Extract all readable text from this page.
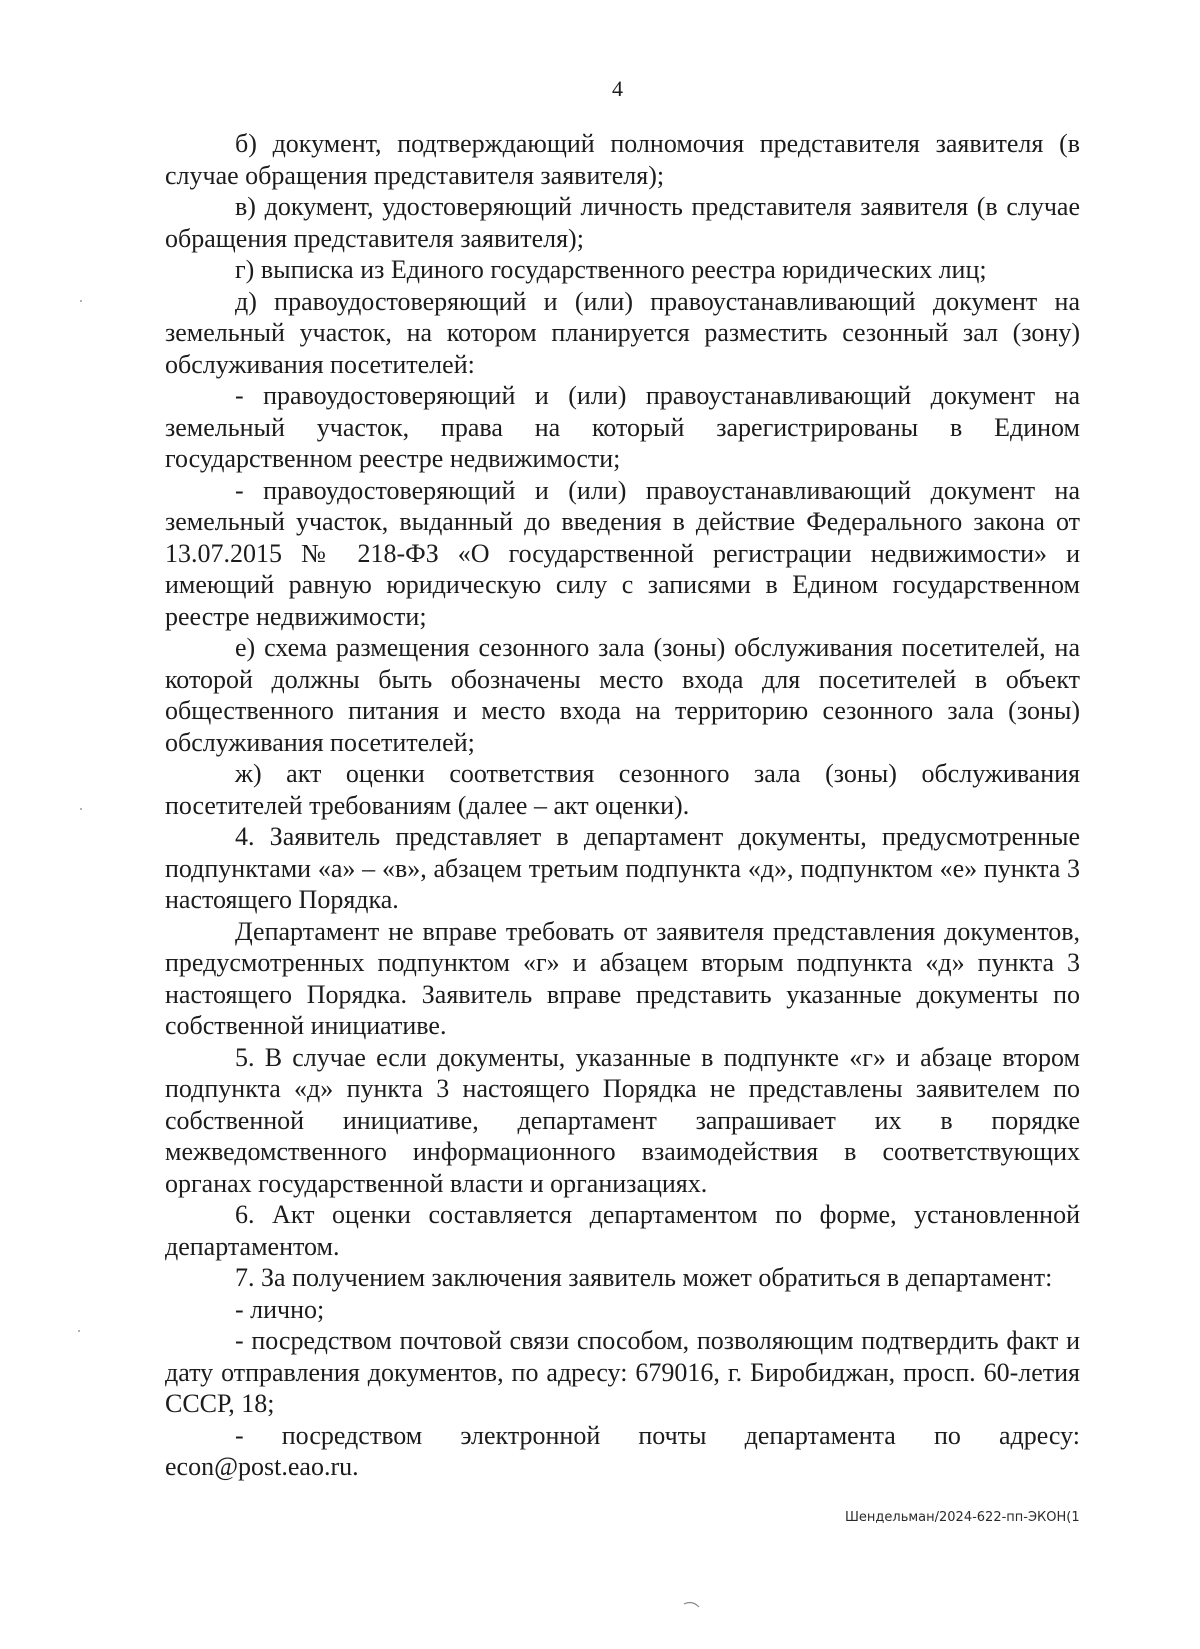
4

б) документ, подтверждающий полномочия представителя заявителя (в случае обращения представителя заявителя);

в) документ, удостоверяющий личность представителя заявителя (в случае обращения представителя заявителя);

г) выписка из Единого государственного реестра юридических лиц;

д) правоудостоверяющий и (или) правоустанавливающий документ на земельный участок, на котором планируется разместить сезонный зал (зону) обслуживания посетителей:

- правоудостоверяющий и (или) правоустанавливающий документ на земельный участок, права на который зарегистрированы в Едином государственном реестре недвижимости;

- правоудостоверяющий и (или) правоустанавливающий документ на земельный участок, выданный до введения в действие Федерального закона от 13.07.2015 № 218-ФЗ «О государственной регистрации недвижимости» и имеющий равную юридическую силу с записями в Едином государственном реестре недвижимости;

е) схема размещения сезонного зала (зоны) обслуживания посетителей, на которой должны быть обозначены место входа для посетителей в объект общественного питания и место входа на территорию сезонного зала (зоны) обслуживания посетителей;

ж) акт оценки соответствия сезонного зала (зоны) обслуживания посетителей требованиям (далее – акт оценки).

4. Заявитель представляет в департамент документы, предусмотренные подпунктами «а» – «в», абзацем третьим подпункта «д», подпунктом «е» пункта 3 настоящего Порядка.

Департамент не вправе требовать от заявителя представления документов, предусмотренных подпунктом «г» и абзацем вторым подпункта «д» пункта 3 настоящего Порядка. Заявитель вправе представить указанные документы по собственной инициативе.

5. В случае если документы, указанные в подпункте «г» и абзаце втором подпункта «д» пункта 3 настоящего Порядка не представлены заявителем по собственной инициативе, департамент запрашивает их в порядке межведомственного информационного взаимодействия в соответствующих органах государственной власти и организациях.

6. Акт оценки составляется департаментом по форме, установленной департаментом.

7. За получением заключения заявитель может обратиться в департамент:

- лично;

- посредством почтовой связи способом, позволяющим подтвердить факт и дату отправления документов, по адресу: 679016, г. Биробиджан, просп. 60-летия СССР, 18;

- посредством электронной почты департамента по адресу: econ@post.eao.ru.

Шендельман/2024-622-пп-ЭКОН(1
